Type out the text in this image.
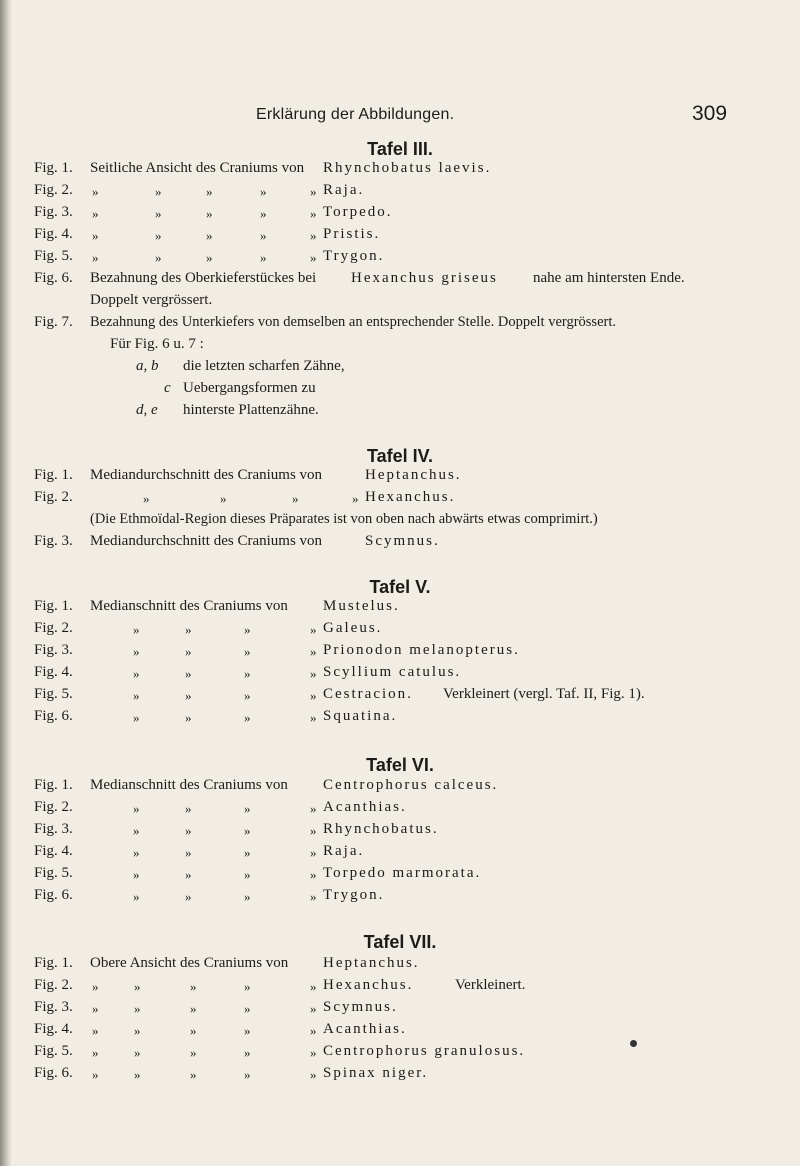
Erklärung der Abbildungen.	309
Tafel III.
Fig. 1. Seitliche Ansicht des Craniums von Rhynchobatus laevis.
Fig. 2. »	»	»	»	» Raja.
Fig. 3. »	»	»	»	» Torpedo.
Fig. 4. »	»	»	»	» Pristis.
Fig. 5. »	»	»	»	» Trygon.
Fig. 6. Bezahnung des Oberkieferstückes bei Hexanchus griseus nahe am hintersten Ende.
Doppelt vergrössert.
Fig. 7. Bezahnung des Unterkiefers von demselben an entsprechender Stelle. Doppelt vergrössert.
Für Fig. 6 u. 7 :
a, b die letzten scharfen Zähne,
c Uebergangsformen zu
d, e hinterste Plattenzähne.
Tafel IV.
Fig. 1. Mediandurchschnitt des Craniums von	Heptanchus.
Fig. 2.	»	»	»	» Hexanchus.
(Die Ethmoïdal-Region dieses Präparates ist von oben nach abwärts etwas comprimirt.)
Fig. 3. Mediandurchschnitt des Craniums von	Scymnus.
Tafel V.
Fig. 1. Medianschnitt des Craniums von Mustelus.
Fig. 2.	»	»	»	» Galeus.
Fig. 3.	»	»	»	» Prionodon melanopterus.
Fig. 4.	»	»	»	» Scyllium catulus.
Fig. 5.	»	»	»	» Cestracion. Verkleinert (vergl. Taf. II, Fig. 1).
Fig. 6.	»	»	»	» Squatina.
Tafel VI.
Fig. 1. Medianschnitt des Craniums von Centrophorus calceus.
Fig. 2.	»	»	»	» Acanthias.
Fig. 3.	»	»	»	» Rhynchobatus.
Fig. 4.	»	»	»	» Raja.
Fig. 5.	»	»	»	» Torpedo marmorata.
Fig. 6.	»	»	»	» Trygon.
Tafel VII.
Fig. 1. Obere Ansicht des Craniums von Heptanchus.
Fig. 2. »	»	»	»	» Hexanchus.	Verkleinert.
Fig. 3. »	»	»	»	» Scymnus.
Fig. 4. »	»	»	»	» Acanthias.
Fig. 5. »	»	»	»	» Centrophorus granulosus.
Fig. 6. »	»	»	»	» Spinax niger.
